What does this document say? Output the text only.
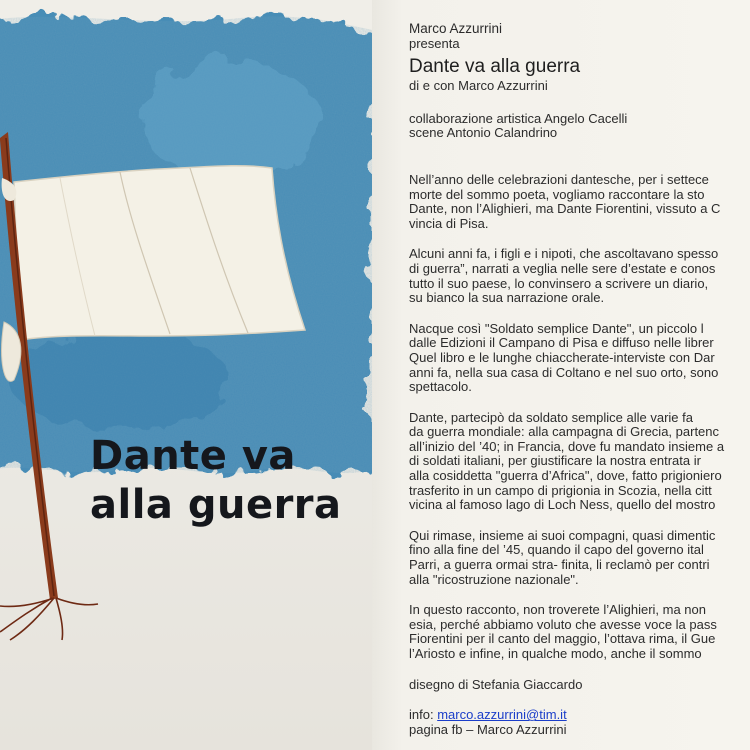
Dante va
alla guerra
Marco Azzurrini
presenta
Dante va alla guerra
di e con Marco Azzurrini
collaborazione artistica Angelo Cacelli
scene Antonio Calandrino
Nell’anno delle celebrazioni dantesche, per i settece
morte del sommo poeta, vogliamo raccontare la sto
Dante, non l’Alighieri, ma Dante Fiorentini, vissuto a C
vincia di Pisa.
Alcuni anni fa, i figli e i nipoti, che ascoltavano spesso
di guerra”, narrati a veglia nelle sere d’estate e conos
tutto il suo paese, lo convinsero a scrivere un diario,
su bianco la sua narrazione orale.
Nacque così "Soldato semplice Dante", un piccolo l
dalle Edizioni il Campano di Pisa e diffuso nelle librer
Quel libro e le lunghe chiaccherate-interviste con Dar
anni fa, nella sua casa di Coltano e nel suo orto, sono
spettacolo.
Dante, partecipò da soldato semplice alle varie fa
da guerra mondiale: alla campagna di Grecia, partenc
all’inizio del ’40; in Francia, dove fu mandato insieme a
di soldati italiani, per giustificare la nostra entrata ir
alla cosiddetta "guerra d’Africa", dove, fatto prigioniero
trasferito in un campo di prigionia in Scozia, nella citt
vicina al famoso lago di Loch Ness, quello del mostro
Qui rimase, insieme ai suoi compagni, quasi dimentic
fino alla fine del ’45, quando il capo del governo ital
Parri, a guerra ormai stra- finita, li reclamò per contri
alla "ricostruzione nazionale".
In questo racconto, non troverete l’Alighieri, ma non
esia, perché abbiamo voluto che avesse voce la pass
Fiorentini per il canto del maggio, l’ottava rima, il Gue
l’Ariosto e infine, in qualche modo, anche il sommo
disegno di Stefania Giaccardo
info: marco.azzurrini@tim.it
pagina fb – Marco Azzurrini
